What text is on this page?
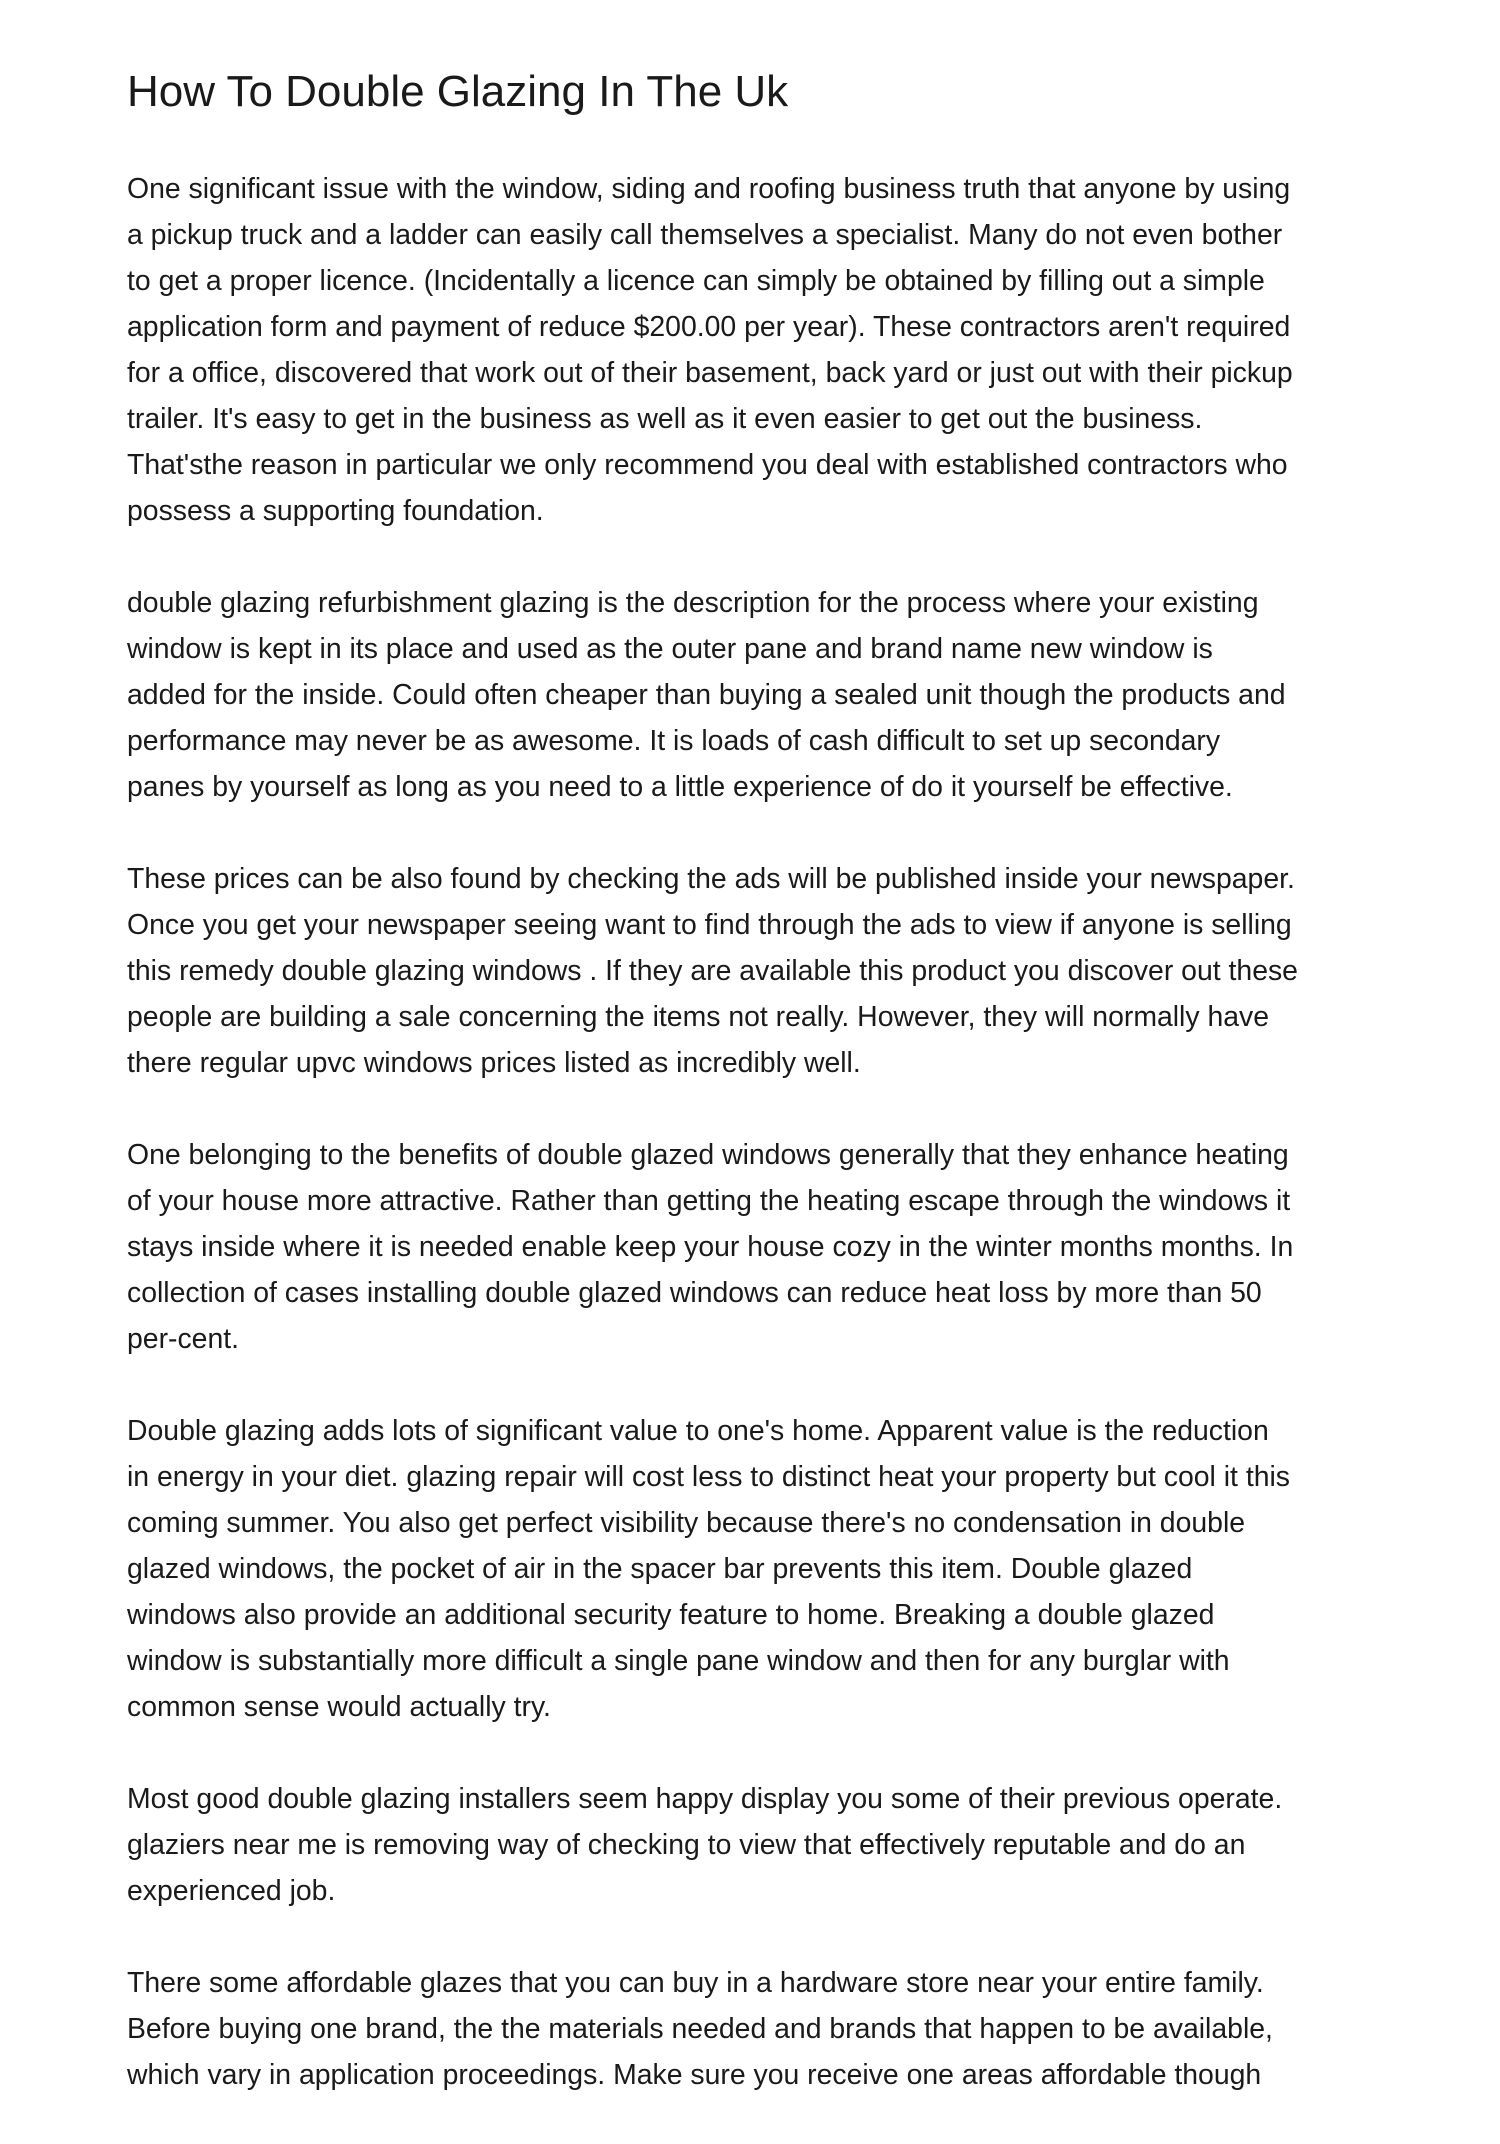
How To Double Glazing In The Uk

One significant issue with the window, siding and roofing business truth that anyone by using
a pickup truck and a ladder can easily call themselves a specialist. Many do not even bother
to get a proper licence. (Incidentally a licence can simply be obtained by filling out a simple
application form and payment of reduce $200.00 per year). These contractors aren't required
for a office, discovered that work out of their basement, back yard or just out with their pickup
trailer. It's easy to get in the business as well as it even easier to get out the business.
That'sthe reason in particular we only recommend you deal with established contractors who
possess a supporting foundation.

double glazing refurbishment glazing is the description for the process where your existing
window is kept in its place and used as the outer pane and brand name new window is
added for the inside. Could often cheaper than buying a sealed unit though the products and
performance may never be as awesome. It is loads of cash difficult to set up secondary
panes by yourself as long as you need to a little experience of do it yourself be effective.

These prices can be also found by checking the ads will be published inside your newspaper.
Once you get your newspaper seeing want to find through the ads to view if anyone is selling
this remedy double glazing windows . If they are available this product you discover out these
people are building a sale concerning the items not really. However, they will normally have
there regular upvc windows prices listed as incredibly well.

One belonging to the benefits of double glazed windows generally that they enhance heating
of your house more attractive. Rather than getting the heating escape through the windows it
stays inside where it is needed enable keep your house cozy in the winter months months. In
collection of cases installing double glazed windows can reduce heat loss by more than 50
per-cent.

Double glazing adds lots of significant value to one's home. Apparent value is the reduction
in energy in your diet. glazing repair will cost less to distinct heat your property but cool it this
coming summer. You also get perfect visibility because there's no condensation in double
glazed windows, the pocket of air in the spacer bar prevents this item. Double glazed
windows also provide an additional security feature to home. Breaking a double glazed
window is substantially more difficult a single pane window and then for any burglar with
common sense would actually try.

Most good double glazing installers seem happy display you some of their previous operate.
glaziers near me is removing way of checking to view that effectively reputable and do an
experienced job.

There some affordable glazes that you can buy in a hardware store near your entire family.
Before buying one brand, the the materials needed and brands that happen to be available,
which vary in application proceedings. Make sure you receive one areas affordable though
